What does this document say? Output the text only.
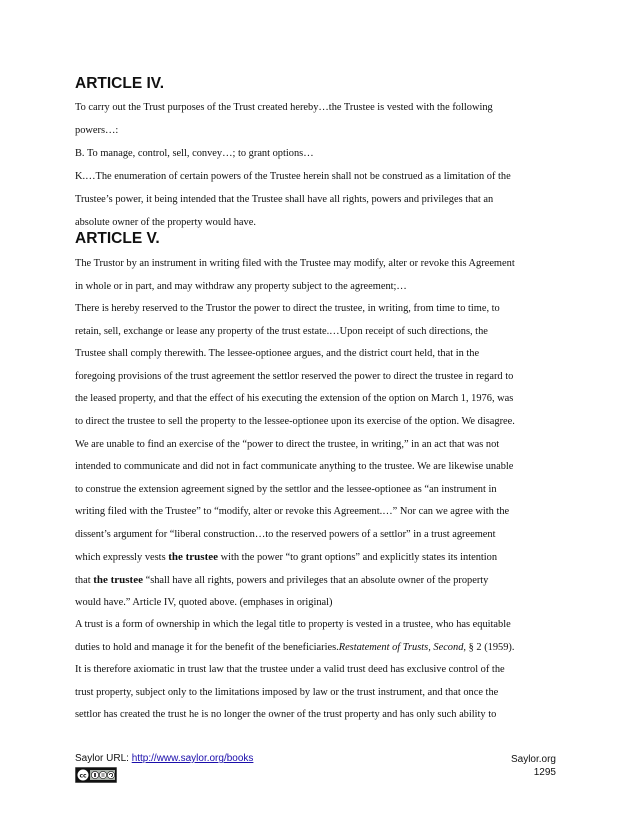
ARTICLE IV.

To carry out the Trust purposes of the Trust created hereby…the Trustee is vested with the following

powers…:

B. To manage, control, sell, convey…; to grant options…

K.…The enumeration of certain powers of the Trustee herein shall not be construed as a limitation of the

Trustee’s power, it being intended that the Trustee shall have all rights, powers and privileges that an

absolute owner of the property would have.

ARTICLE V.

The Trustor by an instrument in writing filed with the Trustee may modify, alter or revoke this Agreement

in whole or in part, and may withdraw any property subject to the agreement;…

There is hereby reserved to the Trustor the power to direct the trustee, in writing, from time to time, to

retain, sell, exchange or lease any property of the trust estate.…Upon receipt of such directions, the

Trustee shall comply therewith. The lessee-optionee argues, and the district court held, that in the

foregoing provisions of the trust agreement the settlor reserved the power to direct the trustee in regard to

the leased property, and that the effect of his executing the extension of the option on March 1, 1976, was

to direct the trustee to sell the property to the lessee-optionee upon its exercise of the option. We disagree.

We are unable to find an exercise of the “power to direct the trustee, in writing,” in an act that was not

intended to communicate and did not in fact communicate anything to the trustee. We are likewise unable

to construe the extension agreement signed by the settlor and the lessee-optionee as “an instrument in

writing filed with the Trustee” to “modify, alter or revoke this Agreement.…” Nor can we agree with the

dissent’s argument for “liberal construction…to the reserved powers of a settlor” in a trust agreement

which expressly vests the trustee with the power “to grant options” and explicitly states its intention

that the trustee “shall have all rights, powers and privileges that an absolute owner of the property

would have.” Article IV, quoted above. (emphases in original)

A trust is a form of ownership in which the legal title to property is vested in a trustee, who has equitable

duties to hold and manage it for the benefit of the beneficiaries.Restatement of Trusts, Second, § 2 (1959).

It is therefore axiomatic in trust law that the trustee under a valid trust deed has exclusive control of the

trust property, subject only to the limitations imposed by law or the trust instrument, and that once the

settlor has created the trust he is no longer the owner of the trust property and has only such ability to

Saylor URL: http://www.saylor.org/books
cc
Saylor.org
1295
